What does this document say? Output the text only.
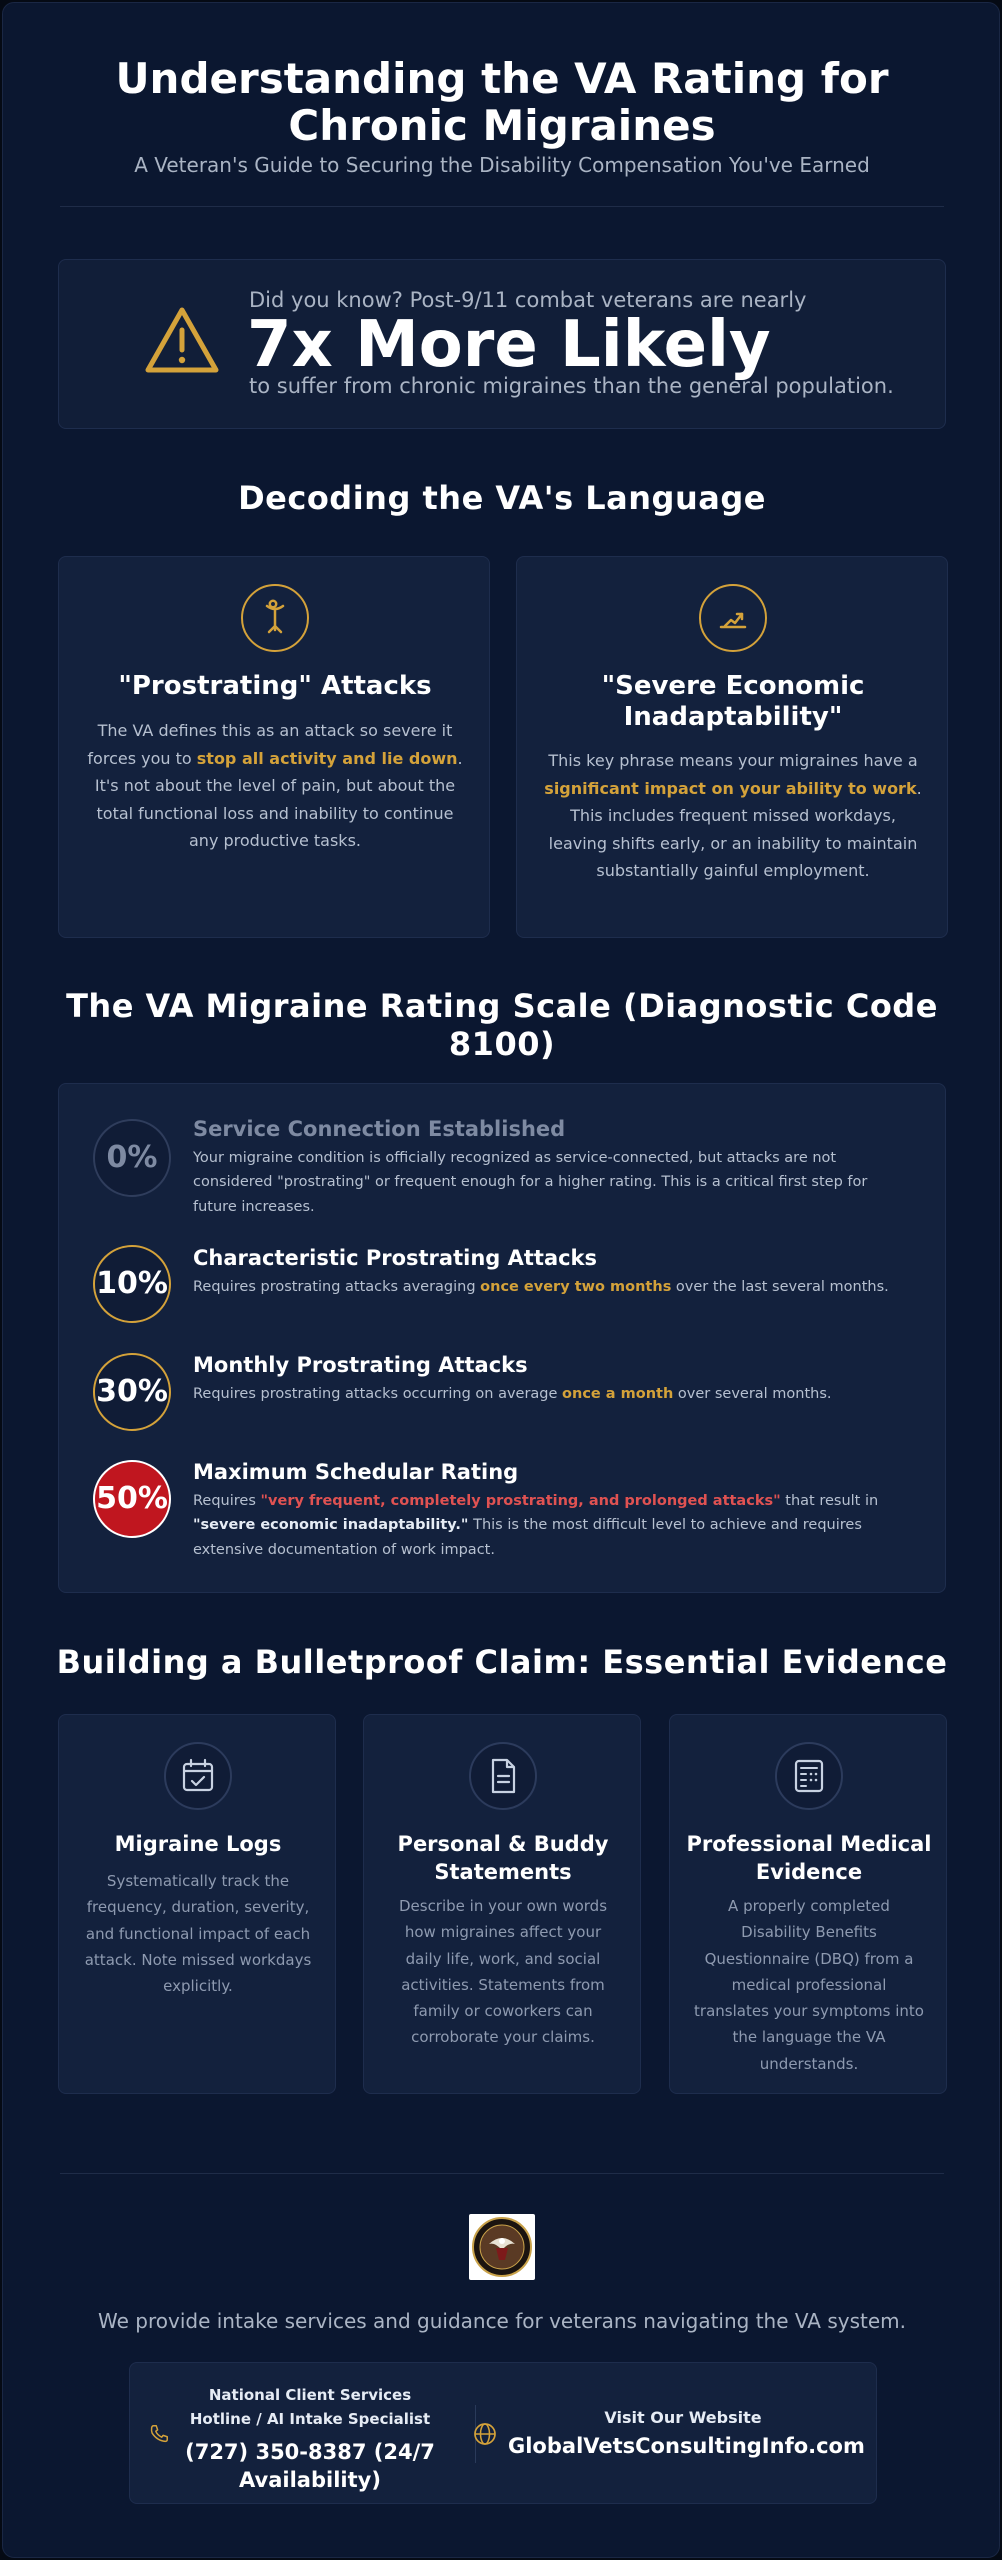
Understanding the VA Rating for Chronic Migraines
A Veteran's Guide to Securing the Disability Compensation You've Earned
Did you know? Post-9/11 combat veterans are nearly
7x More Likely
to suffer from chronic migraines than the general population.
Decoding the VA's Language
"Prostrating" Attacks
The VA defines this as an attack so severe it forces you to stop all activity and lie down. It's not about the level of pain, but about the total functional loss and inability to continue any productive tasks.
"Severe Economic Inadaptability"
This key phrase means your migraines have a significant impact on your ability to work. This includes frequent missed workdays, leaving shifts early, or an inability to maintain substantially gainful employment.
The VA Migraine Rating Scale (Diagnostic Code 8100)
0%
Service Connection Established
Your migraine condition is officially recognized as service-connected, but attacks are not considered "prostrating" or frequent enough for a higher rating. This is a critical first step for future increases.
10%
Characteristic Prostrating Attacks
Requires prostrating attacks averaging once every two months over the last several months.
30%
Monthly Prostrating Attacks
Requires prostrating attacks occurring on average once a month over several months.
50%
Maximum Schedular Rating
Requires "very frequent, completely prostrating, and prolonged attacks" that result in "severe economic inadaptability." This is the most difficult level to achieve and requires extensive documentation of work impact.
Building a Bulletproof Claim: Essential Evidence
Migraine Logs
Systematically track the frequency, duration, severity, and functional impact of each attack. Note missed workdays explicitly.
Personal & Buddy Statements
Describe in your own words how migraines affect your daily life, work, and social activities. Statements from family or coworkers can corroborate your claims.
Professional Medical Evidence
A properly completed Disability Benefits Questionnaire (DBQ) from a medical professional translates your symptoms into the language the VA understands.
We provide intake services and guidance for veterans navigating the VA system.
National Client Services Hotline / AI Intake Specialist
(727) 350-8387 (24/7 Availability)
Visit Our Website
GlobalVetsConsultingInfo.com
